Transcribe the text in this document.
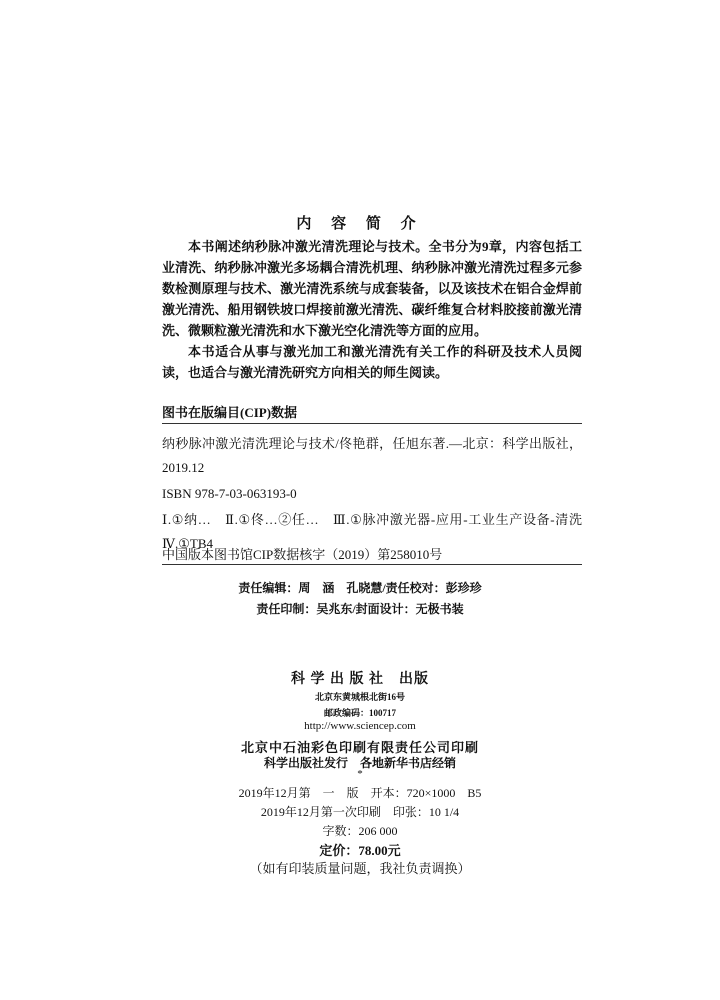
内 容 简 介

本书阐述纳秒脉冲激光清洗理论与技术。全书分为9章，内容包括工业清洗、纳秒脉冲激光多场耦合清洗机理、纳秒脉冲激光清洗过程多元参数检测原理与技术、激光清洗系统与成套装备，以及该技术在铝合金焊前激光清洗、船用钢铁坡口焊接前激光清洗、碳纤维复合材料胶接前激光清洗、微颗粒激光清洗和水下激光空化清洗等方面的应用。

本书适合从事与激光加工和激光清洗有关工作的科研及技术人员阅读，也适合与激光清洗研究方向相关的师生阅读。

图书在版编目(CIP)数据

纳秒脉冲激光清洗理论与技术/佟艳群，任旭东著.—北京：科学出版社，2019.12

ISBN 978-7-03-063193-0

Ⅰ.①纳…　Ⅱ.①佟…②任…　Ⅲ.①脉冲激光器-应用-工业生产设备-清洗　Ⅳ.①TB4

中国版本图书馆CIP数据核字（2019）第258010号
责任编辑：周　涵　孔晓慧/责任校对：彭珍珍
责任印制：吴兆东/封面设计：无极书装
科 学 出 版 社　出版
北京东黄城根北街16号
邮政编码：100717
http://www.sciencep.com
北京中石油彩色印刷有限责任公司印刷
科学出版社发行　各地新华书店经销
*
2019年12月第　一　版　开本：720×1000　B5
2019年12月第一次印刷　印张：10 1/4
字数：206 000
定价：78.00元
（如有印装质量问题，我社负责调换）
